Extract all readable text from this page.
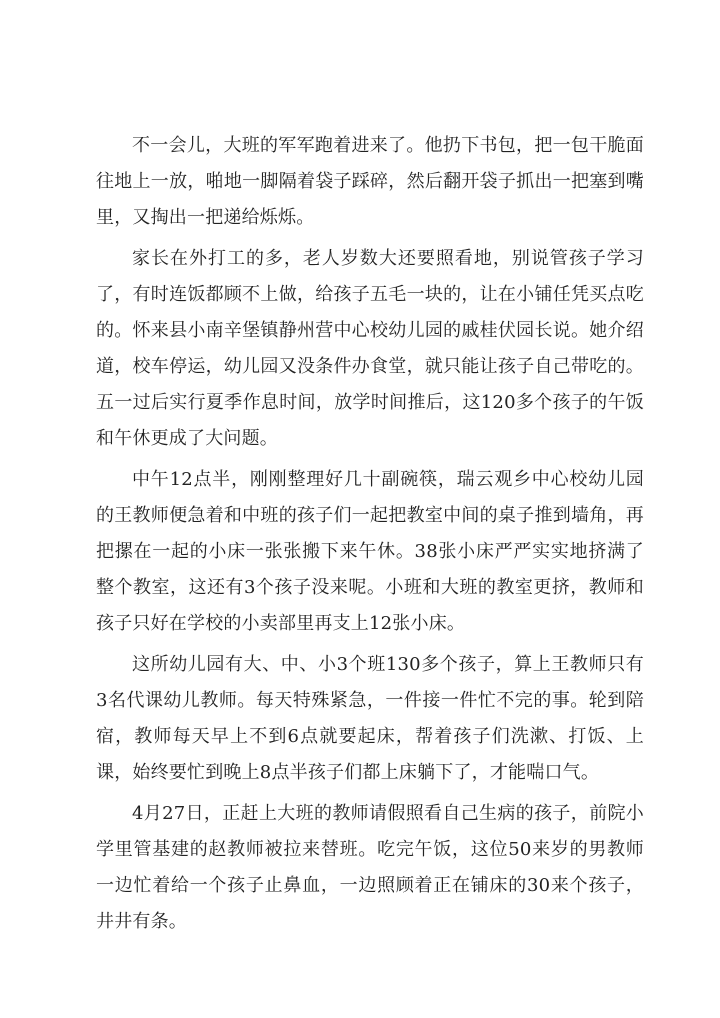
不一会儿，大班的军军跑着进来了。他扔下书包，把一包干脆面往地上一放，啪地一脚隔着袋子踩碎，然后翻开袋子抓出一把塞到嘴里，又掏出一把递给烁烁。

家长在外打工的多，老人岁数大还要照看地，别说管孩子学习了，有时连饭都顾不上做，给孩子五毛一块的，让在小铺任凭买点吃的。怀来县小南辛堡镇静州营中心校幼儿园的戚桂伏园长说。她介绍道，校车停运，幼儿园又没条件办食堂，就只能让孩子自己带吃的。五一过后实行夏季作息时间，放学时间推后，这120多个孩子的午饭和午休更成了大问题。

中午12点半，刚刚整理好几十副碗筷，瑞云观乡中心校幼儿园的王教师便急着和中班的孩子们一起把教室中间的桌子推到墙角，再把摞在一起的小床一张张搬下来午休。38张小床严严实实地挤满了整个教室，这还有3个孩子没来呢。小班和大班的教室更挤，教师和孩子只好在学校的小卖部里再支上12张小床。

这所幼儿园有大、中、小3个班130多个孩子，算上王教师只有3名代课幼儿教师。每天特殊紧急，一件接一件忙不完的事。轮到陪宿，教师每天早上不到6点就要起床，帮着孩子们洗漱、打饭、上课，始终要忙到晚上8点半孩子们都上床躺下了，才能喘口气。

4月27日，正赶上大班的教师请假照看自己生病的孩子，前院小学里管基建的赵教师被拉来替班。吃完午饭，这位50来岁的男教师一边忙着给一个孩子止鼻血，一边照顾着正在铺床的30来个孩子，井井有条。
